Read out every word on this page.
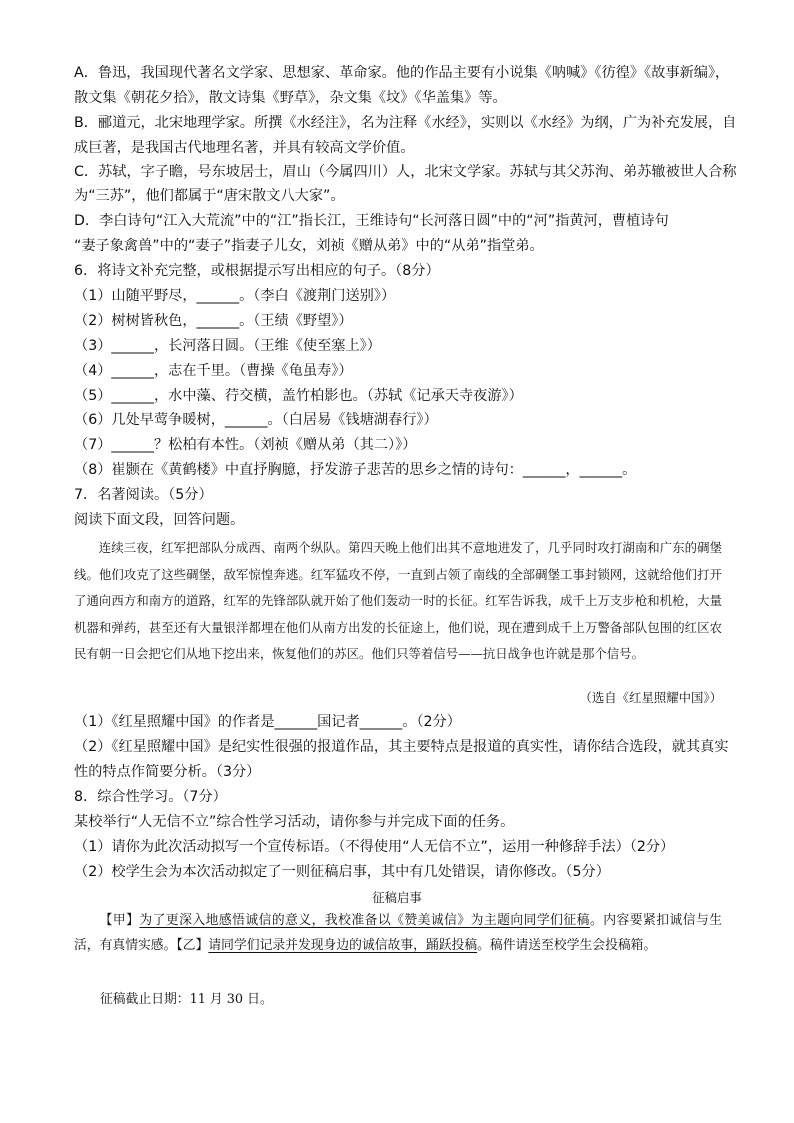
A．鲁迅，我国现代著名文学家、思想家、革命家。他的作品主要有小说集《呐喊》《彷徨》《故事新编》，
散文集《朝花夕拾》，散文诗集《野草》，杂文集《坟》《华盖集》等。
B．郦道元，北宋地理学家。所撰《水经注》，名为注释《水经》，实则以《水经》为纲，广为补充发展，自
成巨著，是我国古代地理名著，并具有较高文学价值。
C．苏轼，字子瞻，号东坡居士，眉山（今属四川）人，北宋文学家。苏轼与其父苏洵、弟苏辙被世人合称
为“三苏”，他们都属于“唐宋散文八大家”。
D．李白诗句“江入大荒流”中的“江”指长江，王维诗句“长河落日圆”中的“河”指黄河，曹植诗句
“妻子象禽兽”中的“妻子”指妻子儿女，刘祯《赠从弟》中的“从弟”指堂弟。
6．将诗文补充完整，或根据提示写出相应的句子。（8分）
（1）山随平野尽，______。（李白《渡荆门送别》）
（2）树树皆秋色，______。（王绩《野望》）
（3）______，长河落日圆。（王维《使至塞上》）
（4）______，志在千里。（曹操《龟虽寿》）
（5）______，水中藻、荇交横，盖竹柏影也。（苏轼《记承天寺夜游》）
（6）几处早莺争暖树，______。（白居易《钱塘湖春行》）
（7）______？松柏有本性。（刘祯《赠从弟（其二）》）
（8）崔颢在《黄鹤楼》中直抒胸臆，抒发游子悲苦的思乡之情的诗句：______，______。
7．名著阅读。（5分）
阅读下面文段，回答问题。
连续三夜，红军把部队分成西、南两个纵队。第四天晚上他们出其不意地进发了，几乎同时攻打湖南和广东的碉堡线。他们攻克了这些碉堡，敌军惊惶奔逃。红军猛攻不停，一直到占领了南线的全部碉堡工事封锁网，这就给他们打开了通向西方和南方的道路，红军的先锋部队就开始了他们轰动一时的长征。红军告诉我，成千上万支步枪和机枪，大量机器和弹药，甚至还有大量银洋都埋在他们从南方出发的长征途上，他们说，现在遭到成千上万警备部队包围的红区农民有朝一日会把它们从地下挖出来，恢复他们的苏区。他们只等着信号——抗日战争也许就是那个信号。
（选自《红星照耀中国》）
（1）《红星照耀中国》的作者是______国记者______。（2分）
（2）《红星照耀中国》是纪实性很强的报道作品，其主要特点是报道的真实性，请你结合选段，就其真实
性的特点作简要分析。（3分）
8．综合性学习。（7分）
某校举行“人无信不立”综合性学习活动，请你参与并完成下面的任务。
（1）请你为此次活动拟写一个宣传标语。（不得使用“人无信不立”，运用一种修辞手法）（2分）
（2）校学生会为本次活动拟定了一则征稿启事，其中有几处错误，请你修改。（5分）
征稿启事
【甲】为了更深入地感悟诚信的意义，我校准备以《赞美诚信》为主题向同学们征稿。内容要紧扣诚信与生活，有真情实感。【乙】请同学们记录并发现身边的诚信故事，踊跃投稿。稿件请送至校学生会投稿箱。
征稿截止日期：11 月 30 日。
